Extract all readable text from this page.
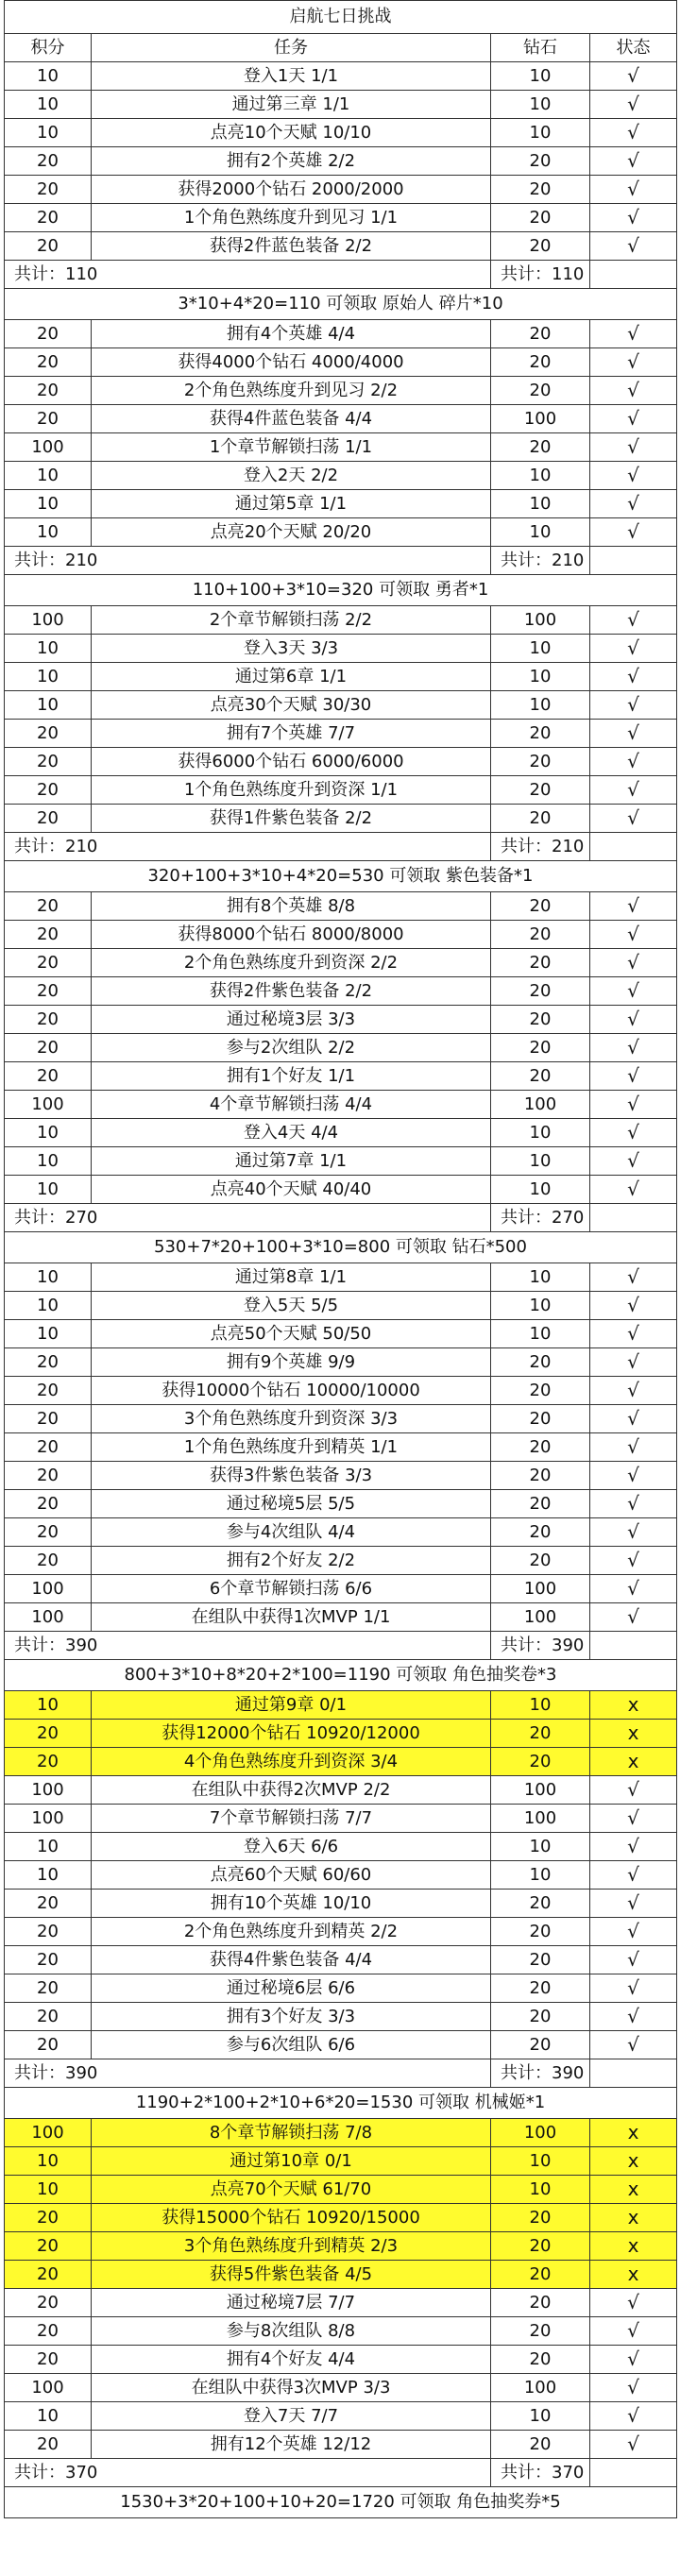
启航七日挑战			
积分	任务	钻石	状态
10	登入1天 1/1	10	√
10	通过第三章 1/1	10	√
10	点亮10个天赋 10/10	10	√
20	拥有2个英雄 2/2	20	√
20	获得2000个钻石 2000/2000	20	√
20	1个角色熟练度升到见习 1/1	20	√
20	获得2件蓝色装备 2/2	20	√
共计：110		共计：110	
3*10+4*20=110 可领取 原始人 碎片*10			
20	拥有4个英雄 4/4	20	√
20	获得4000个钻石 4000/4000	20	√
20	2个角色熟练度升到见习 2/2	20	√
20	获得4件蓝色装备 4/4	100	√
100	1个章节解锁扫荡 1/1	20	√
10	登入2天 2/2	10	√
10	通过第5章 1/1	10	√
10	点亮20个天赋 20/20	10	√
共计：210		共计：210	
110+100+3*10=320 可领取 勇者*1			
100	2个章节解锁扫荡 2/2	100	√
10	登入3天 3/3	10	√
10	通过第6章 1/1	10	√
10	点亮30个天赋 30/30	10	√
20	拥有7个英雄 7/7	20	√
20	获得6000个钻石 6000/6000	20	√
20	1个角色熟练度升到资深 1/1	20	√
20	获得1件紫色装备 2/2	20	√
共计：210		共计：210	
320+100+3*10+4*20=530 可领取 紫色装备*1			
20	拥有8个英雄 8/8	20	√
20	获得8000个钻石 8000/8000	20	√
20	2个角色熟练度升到资深 2/2	20	√
20	获得2件紫色装备 2/2	20	√
20	通过秘境3层 3/3	20	√
20	参与2次组队 2/2	20	√
20	拥有1个好友 1/1	20	√
100	4个章节解锁扫荡 4/4	100	√
10	登入4天 4/4	10	√
10	通过第7章 1/1	10	√
10	点亮40个天赋 40/40	10	√
共计：270		共计：270	
530+7*20+100+3*10=800 可领取 钻石*500			
10	通过第8章 1/1	10	√
10	登入5天 5/5	10	√
10	点亮50个天赋 50/50	10	√
20	拥有9个英雄 9/9	20	√
20	获得10000个钻石 10000/10000	20	√
20	3个角色熟练度升到资深 3/3	20	√
20	1个角色熟练度升到精英 1/1	20	√
20	获得3件紫色装备 3/3	20	√
20	通过秘境5层 5/5	20	√
20	参与4次组队 4/4	20	√
20	拥有2个好友 2/2	20	√
100	6个章节解锁扫荡 6/6	100	√
100	在组队中获得1次MVP 1/1	100	√
共计：390		共计：390	
800+3*10+8*20+2*100=1190 可领取 角色抽奖卷*3			
10	通过第9章 0/1	10	x
20	获得12000个钻石 10920/12000	20	x
20	4个角色熟练度升到资深 3/4	20	x
100	在组队中获得2次MVP 2/2	100	√
100	7个章节解锁扫荡 7/7	100	√
10	登入6天 6/6	10	√
10	点亮60个天赋 60/60	10	√
20	拥有10个英雄 10/10	20	√
20	2个角色熟练度升到精英 2/2	20	√
20	获得4件紫色装备 4/4	20	√
20	通过秘境6层 6/6	20	√
20	拥有3个好友 3/3	20	√
20	参与6次组队 6/6	20	√
共计：390		共计：390	
1190+2*100+2*10+6*20=1530 可领取 机械姬*1			
100	8个章节解锁扫荡 7/8	100	x
10	通过第10章 0/1	10	x
10	点亮70个天赋 61/70	10	x
20	获得15000个钻石 10920/15000	20	x
20	3个角色熟练度升到精英 2/3	20	x
20	获得5件紫色装备 4/5	20	x
20	通过秘境7层 7/7	20	√
20	参与8次组队 8/8	20	√
20	拥有4个好友 4/4	20	√
100	在组队中获得3次MVP 3/3	100	√
10	登入7天 7/7	10	√
20	拥有12个英雄 12/12	20	√
共计：370		共计：370	
1530+3*20+100+10+20=1720 可领取 角色抽奖券*5			
